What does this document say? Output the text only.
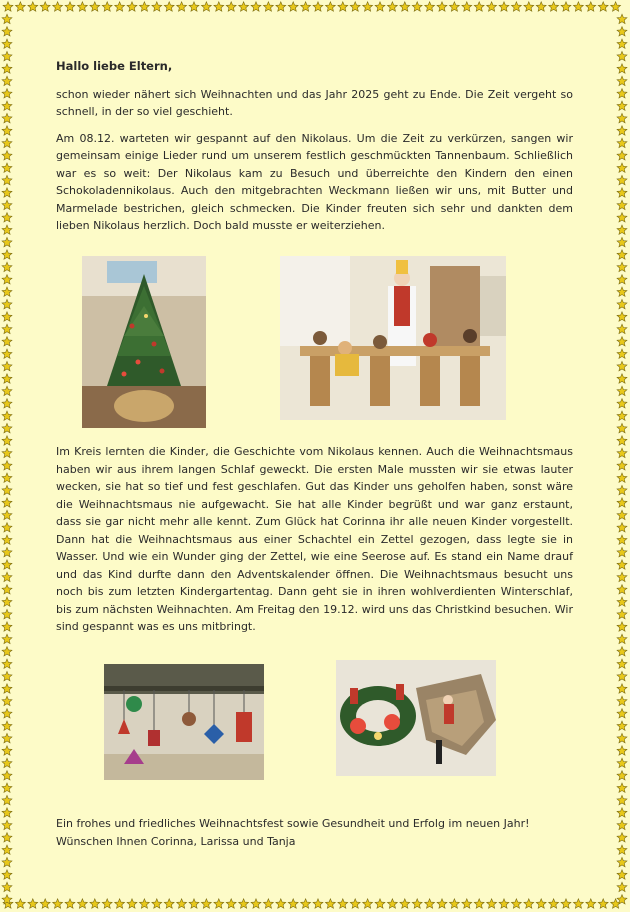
Hallo liebe Eltern,

schon wieder nähert sich Weihnachten und das Jahr 2025 geht zu Ende. Die Zeit vergeht so schnell, in der so viel geschieht.

Am 08.12. warteten wir gespannt auf den Nikolaus. Um die Zeit zu verkürzen, sangen wir gemeinsam einige Lieder rund um unserem festlich geschmückten Tannenbaum. Schließlich war es so weit: Der Nikolaus kam zu Besuch und überreichte den Kindern den einen Schokoladennikolaus. Auch den mitgebrachten Weckmann ließen wir uns, mit Butter und Marmelade bestrichen, gleich schmecken. Die Kinder freuten sich sehr und dankten dem lieben Nikolaus herzlich. Doch bald musste er weiterziehen.

Im Kreis lernten die Kinder, die Geschichte vom Nikolaus kennen. Auch die Weihnachtsmaus haben wir aus ihrem langen Schlaf geweckt. Die ersten Male mussten wir sie etwas lauter wecken, sie hat so tief und fest geschlafen. Gut das Kinder uns geholfen haben, sonst wäre die Weihnachtsmaus nie aufgewacht. Sie hat alle Kinder begrüßt und war ganz erstaunt, dass sie gar nicht mehr alle kennt. Zum Glück hat Corinna ihr alle neuen Kinder vorgestellt. Dann hat die Weihnachtsmaus aus einer Schachtel ein Zettel gezogen, dass legte sie in Wasser. Und wie ein Wunder ging der Zettel, wie eine Seerose auf. Es stand ein Name drauf und das Kind durfte dann den Adventskalender öffnen. Die Weihnachtsmaus besucht uns noch bis zum letzten Kindergartentag. Dann geht sie in ihren wohlverdienten Winterschlaf, bis zum nächsten Weihnachten. Am Freitag den 19.12. wird uns das Christkind besuchen. Wir sind gespannt was es uns mitbringt.

Ein frohes und friedliches Weihnachtsfest sowie Gesundheit und Erfolg im neuen Jahr!
Wünschen Ihnen Corinna, Larissa und Tanja
